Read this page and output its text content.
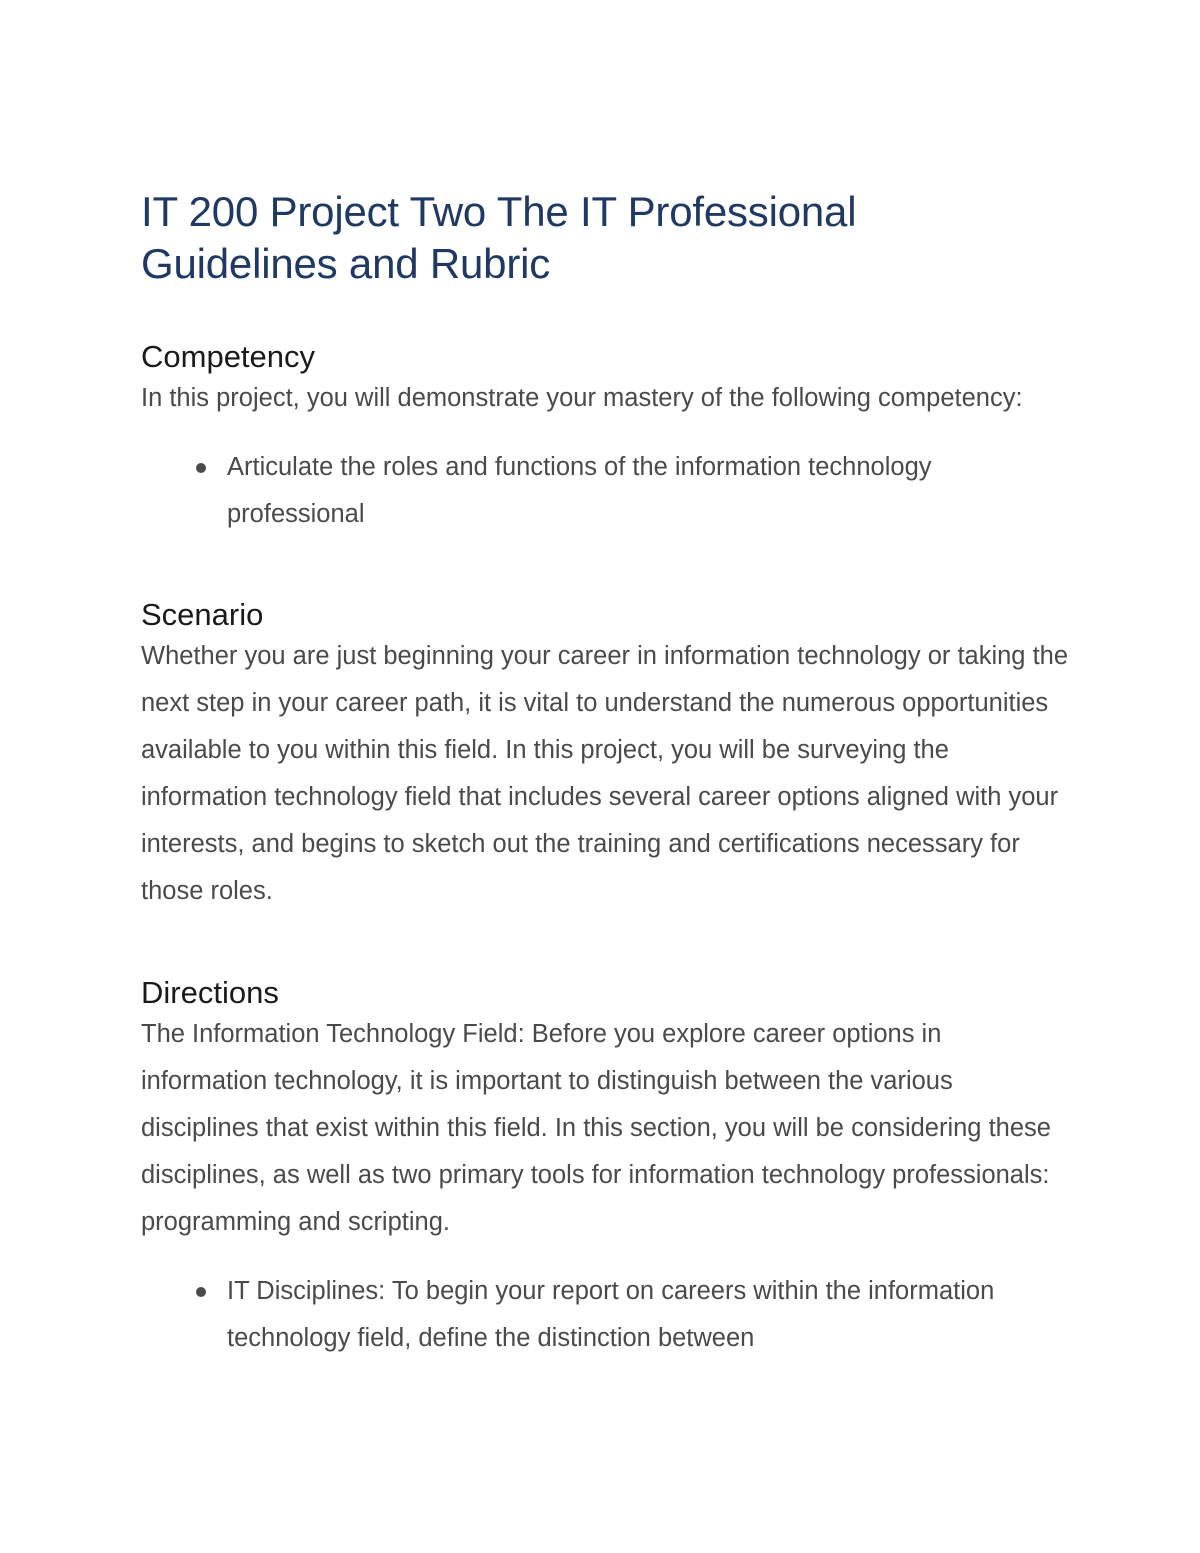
IT 200 Project Two The IT Professional
Guidelines and Rubric
Competency

In this project, you will demonstrate your mastery of the following competency:

Articulate the roles and functions of the information technology professional
Scenario

Whether you are just beginning your career in information technology or taking the next step in your career path, it is vital to understand the numerous opportunities available to you within this field. In this project, you will be surveying the information technology field that includes several career options aligned with your interests, and begins to sketch out the training and certifications necessary for those roles.

Directions

The Information Technology Field: Before you explore career options in information technology, it is important to distinguish between the various disciplines that exist within this field. In this section, you will be considering these disciplines, as well as two primary tools for information technology professionals: programming and scripting.

IT Disciplines: To begin your report on careers within the information technology field, define the distinction between
